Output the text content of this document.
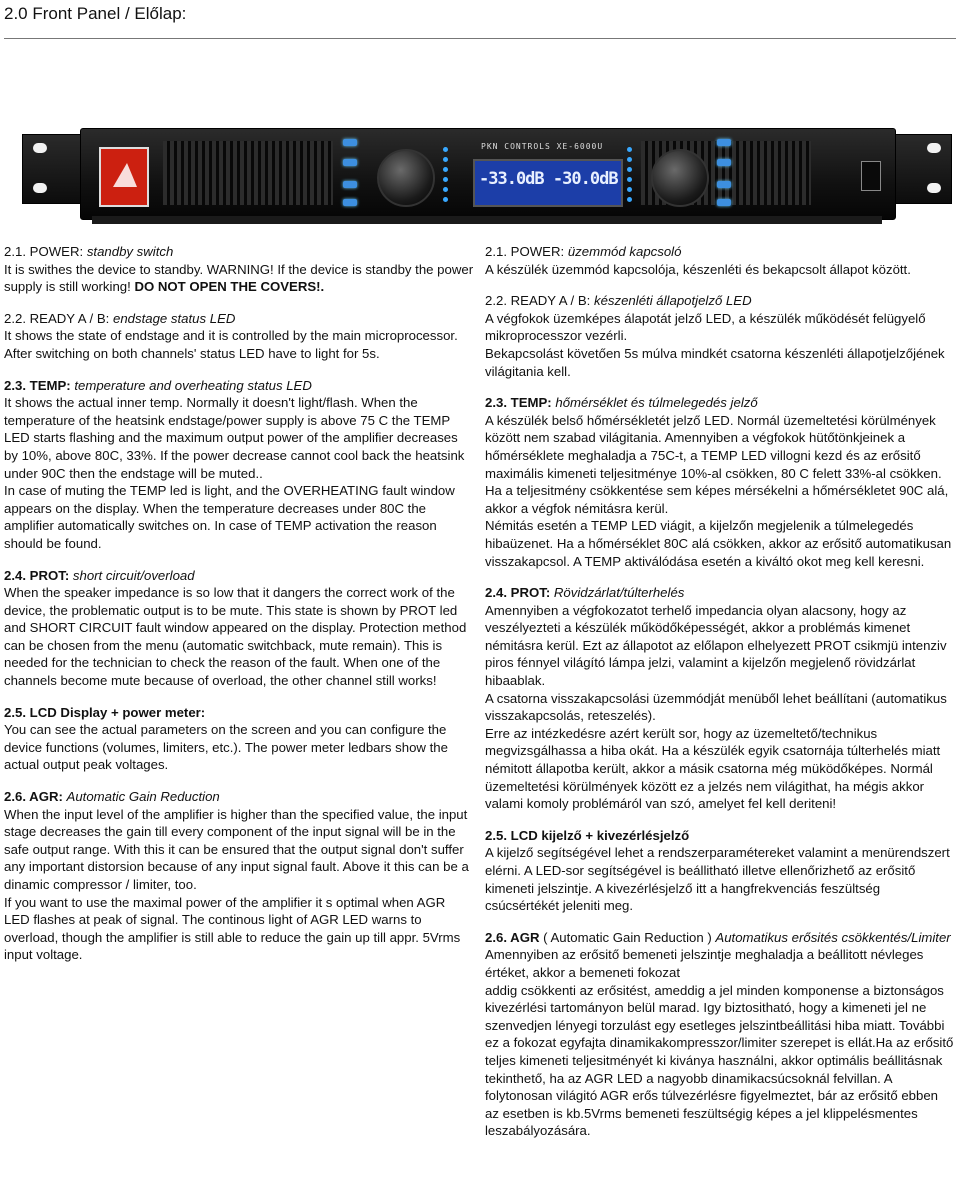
2.0 Front Panel / Előlap:
PKN CONTROLS XE-6000U
-33.0dB -30.0dB

2.1. POWER: standby switch

It is swithes the device to standby. WARNING! If the device is standby the power supply is still working! DO NOT OPEN THE COVERS!.

2.2. READY A / B: endstage status LED

It shows the state of endstage and it is controlled by the main microprocessor.

After switching on both channels' status LED have to light for 5s.

2.3. TEMP: temperature and overheating status LED

It shows the actual inner temp. Normally it doesn't light/flash. When the temperature of the heatsink endstage/power supply is above 75 C the TEMP LED starts flashing and the maximum output power of the amplifier decreases by 10%, above 80C, 33%. If the power decrease cannot cool back the heatsink under 90C then the endstage will be muted..

In case of muting the TEMP led is light, and the OVERHEATING fault window appears on the display. When the temperature decreases under 80C the amplifier automatically switches on. In case of TEMP activation the reason should be found.

2.4. PROT: short circuit/overload

When the speaker impedance is so low that it dangers the correct work of the device, the problematic output is to be mute. This state is shown by PROT led and SHORT CIRCUIT fault window appeared on the display. Protection method can be chosen from the menu (automatic switchback, mute remain). This is needed for the technician to check the reason of the fault. When one of the channels become mute because of overload, the other channel still works!

2.5. LCD Display + power meter:

You can see the actual parameters on the screen and you can configure the device functions (volumes, limiters, etc.). The power meter ledbars show the actual output peak voltages.

2.6. AGR: Automatic Gain Reduction

When the input level of the amplifier is higher than the specified value, the input stage decreases the gain till every component of the input signal will be in the safe output range. With this it can be ensured that the output signal don't suffer any important distorsion because of any input signal fault. Above it this can be a dinamic compressor / limiter, too.

If you want to use the maximal power of the amplifier it s optimal when AGR LED flashes at peak of signal. The continous light of AGR LED warns to overload, though the amplifier is still able to reduce the gain up till appr. 5Vrms input voltage.

2.1. POWER: üzemmód kapcsoló

A készülék üzemmód kapcsolója, készenléti és bekapcsolt állapot között.

2.2. READY A / B: készenléti állapotjelző LED

A végfokok üzemképes álapotát jelző LED, a készülék működését felügyelő mikroprocesszor vezérli.

Bekapcsolást követően 5s múlva mindkét csatorna készenléti állapotjelzőjének világitania kell.

2.3. TEMP: hőmérséklet és túlmelegedés jelző

A készülék belső hőmérsékletét jelző LED. Normál üzemeltetési körülmények között nem szabad világitania. Amennyiben a végfokok hütőtönkjeinek a hőmérséklete meghaladja a 75C-t, a TEMP LED villogni kezd és az erősitő maximális kimeneti teljesitménye 10%-al csökken, 80 C felett 33%-al csökken. Ha a teljesitmény csökkentése sem képes mérsékelni a hőmérsékletet 90C alá, akkor a végfok némitásra kerül.

Némitás esetén a TEMP LED viágit, a kijelzőn megjelenik a túlmelegedés hibaüzenet. Ha a hőmérséklet 80C alá csökken, akkor az erősitő automatikusan visszakapcsol. A TEMP aktiválódása esetén a kiváltó okot meg kell keresni.

2.4. PROT: Rövidzárlat/túlterhelés

Amennyiben a végfokozatot terhelő impedancia olyan alacsony, hogy az veszélyezteti a készülék működőképességét, akkor a problémás kimenet némitásra kerül. Ezt az állapotot az előlapon elhelyezett PROT csikmjü intenziv piros fénnyel világító lámpa jelzi, valamint a kijelzőn megjelenő rövidzárlat hibaablak.

A csatorna visszakapcsolási üzemmódját menüből lehet beállítani (automatikus visszakapcsolás, reteszelés).

Erre az intézkedésre azért került sor, hogy az üzemeltető/technikus megvizsgálhassa a hiba okát. Ha a készülék egyik csatornája túlterhelés miatt némitott állapotba került, akkor a másik csatorna még müködőképes. Normál üzemeltetési körülmények között ez a jelzés nem világithat, ha mégis akkor valami komoly problémáról van szó, amelyet fel kell deriteni!

2.5. LCD kijelző + kivezérlésjelző

A kijelző segítségével lehet a rendszerparamétereket valamint a menürendszert elérni. A LED-sor segítségével is beállitható illetve ellenőrizhető az erősitő kimeneti jelszintje. A kivezérlésjelző itt a hangfrekvenciás feszültség csúcsértékét jeleniti meg.

2.6. AGR ( Automatic Gain Reduction ) Automatikus erősités csökkentés/Limiter

Amennyiben az erősitő bemeneti jelszintje meghaladja a beállitott névleges értéket, akkor a bemeneti fokozat

addig csökkenti az erősitést, ameddig a jel minden komponense a biztonságos kivezérlési tartományon belül marad. Igy biztositható, hogy a kimeneti jel ne szenvedjen lényegi torzulást egy esetleges jelszintbeállitási hiba miatt. További ez a fokozat egyfajta dinamikakompresszor/limiter szerepet is ellát.Ha az erősitő teljes kimeneti teljesitményét ki kiványa használni, akkor optimális beállitásnak tekinthető, ha az AGR LED a nagyobb dinamikacsúcsoknál felvillan. A folytonosan világitó AGR erős túlvezérlésre figyelmeztet, bár az erősitő ebben az esetben is kb.5Vrms bemeneti feszültségig képes a jel klippelésmentes leszabályozására.
